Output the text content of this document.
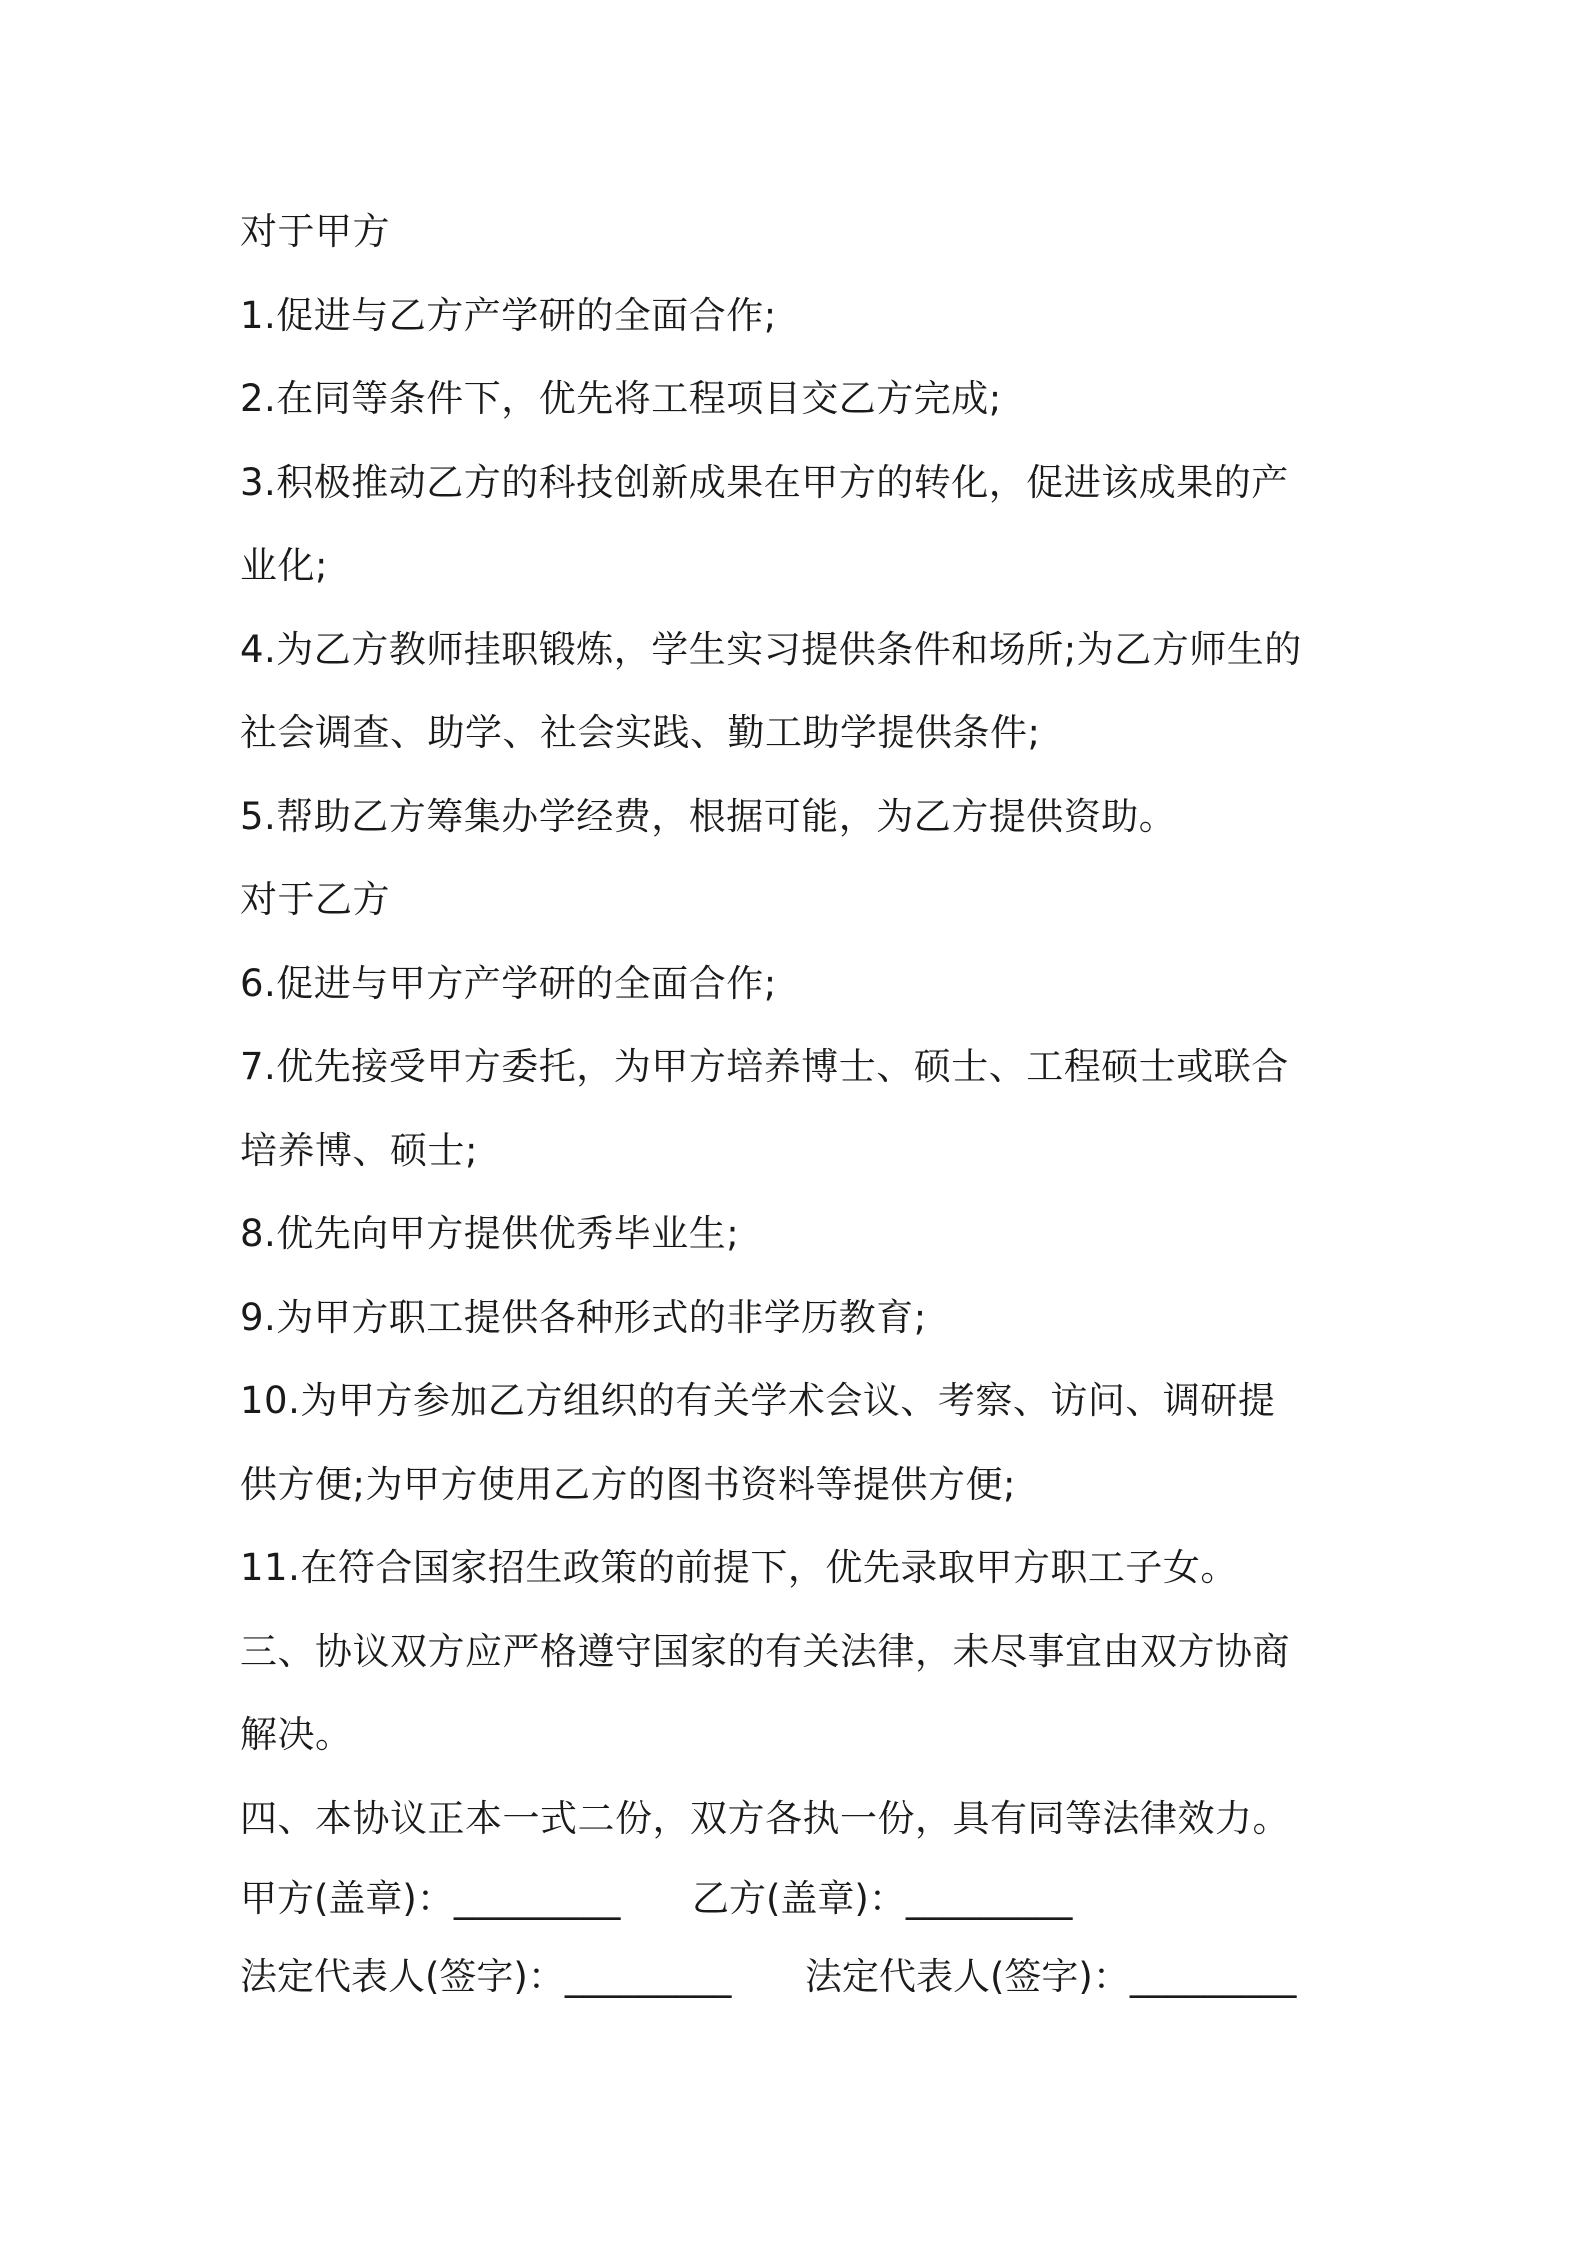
对于甲方
1.促进与乙方产学研的全面合作;
2.在同等条件下，优先将工程项目交乙方完成;
3.积极推动乙方的科技创新成果在甲方的转化，促进该成果的产
业化;
4.为乙方教师挂职锻炼，学生实习提供条件和场所;为乙方师生的
社会调查、助学、社会实践、勤工助学提供条件;
5.帮助乙方筹集办学经费，根据可能，为乙方提供资助。
对于乙方
6.促进与甲方产学研的全面合作;
7.优先接受甲方委托，为甲方培养博士、硕士、工程硕士或联合
培养博、硕士;
8.优先向甲方提供优秀毕业生;
9.为甲方职工提供各种形式的非学历教育;
10.为甲方参加乙方组织的有关学术会议、考察、访问、调研提
供方便;为甲方使用乙方的图书资料等提供方便;
11.在符合国家招生政策的前提下，优先录取甲方职工子女。
三、协议双方应严格遵守国家的有关法律，未尽事宜由双方协商
解决。
四、本协议正本一式二份，双方各执一份，具有同等法律效力。
甲方(盖章)：_________	乙方(盖章)：_________
法定代表人(签字)：_________	法定代表人(签字)：_________
